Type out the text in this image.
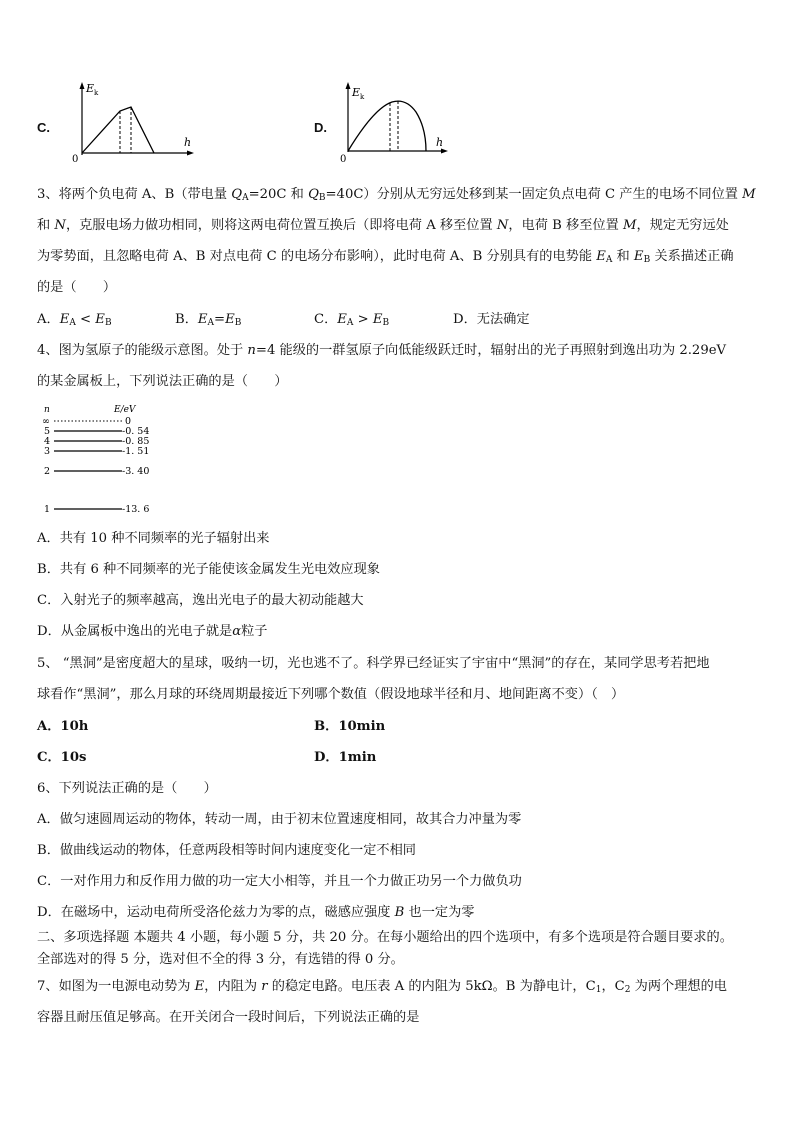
C.
E k
h
0
D.
E k
h
0
3、将两个负电荷 A、B（带电量 $Q_A=20C$ 和 $Q_B=40C$）分别从无穷远处移到某一固定负点电荷 C 产生的电场不同位置 M
和 N，克服电场力做功相同，则将这两电荷位置互换后（即将电荷 A 移至位置 N，电荷 B 移至位置 M，规定无穷远处
为零势面，且忽略电荷 A、B 对点电荷 C 的电场分布影响），此时电荷 A、B 分别具有的电势能 $E_A$ 和 $E_B$ 关系描述正确
的是（　　）
A．$E_A < E_B$	B．$E_A=E_B$	C．$E_A > E_B$	D．无法确定
4、图为氢原子的能级示意图。处于 n=4 能级的一群氢原子向低能级跃迁时，辐射出的光子再照射到逸出功为 2.29eV
的某金属板上，下列说法正确的是（　　）
n	E/eV
∞	0
5	-0. 54
4	-0. 85
3	-1. 51
2	-3. 40
1	-13. 6
A．共有 10 种不同频率的光子辐射出来
B．共有 6 种不同频率的光子能使该金属发生光电效应现象
C．入射光子的频率越高，逸出光电子的最大初动能越大
D．从金属板中逸出的光电子就是α粒子
5、 “黑洞”是密度超大的星球，吸纳一切，光也逃不了。科学界已经证实了宇宙中“黑洞”的存在，某同学思考若把地
球看作“黑洞”，那么月球的环绕周期最接近下列哪个数值（假设地球半径和月、地间距离不变）（　）
A．10h	B．10min
C．10s	D．1min
6、下列说法正确的是（　　）
A．做匀速圆周运动的物体，转动一周，由于初末位置速度相同，故其合力冲量为零
B．做曲线运动的物体，任意两段相等时间内速度变化一定不相同
C．一对作用力和反作用力做的功一定大小相等，并且一个力做正功另一个力做负功
D．在磁场中，运动电荷所受洛伦兹力为零的点，磁感应强度 B 也一定为零
二、多项选择题 本题共 4 小题，每小题 5 分，共 20 分。在每小题给出的四个选项中，有多个选项是符合题目要求的。
全部选对的得 5 分，选对但不全的得 3 分，有选错的得 0 分。
7、如图为一电源电动势为 E，内阻为 r 的稳定电路。电压表 A 的内阻为 5kΩ。B 为静电计，$C_1$，$C_2$ 为两个理想的电
容器且耐压值足够高。在开关闭合一段时间后，下列说法正确的是
